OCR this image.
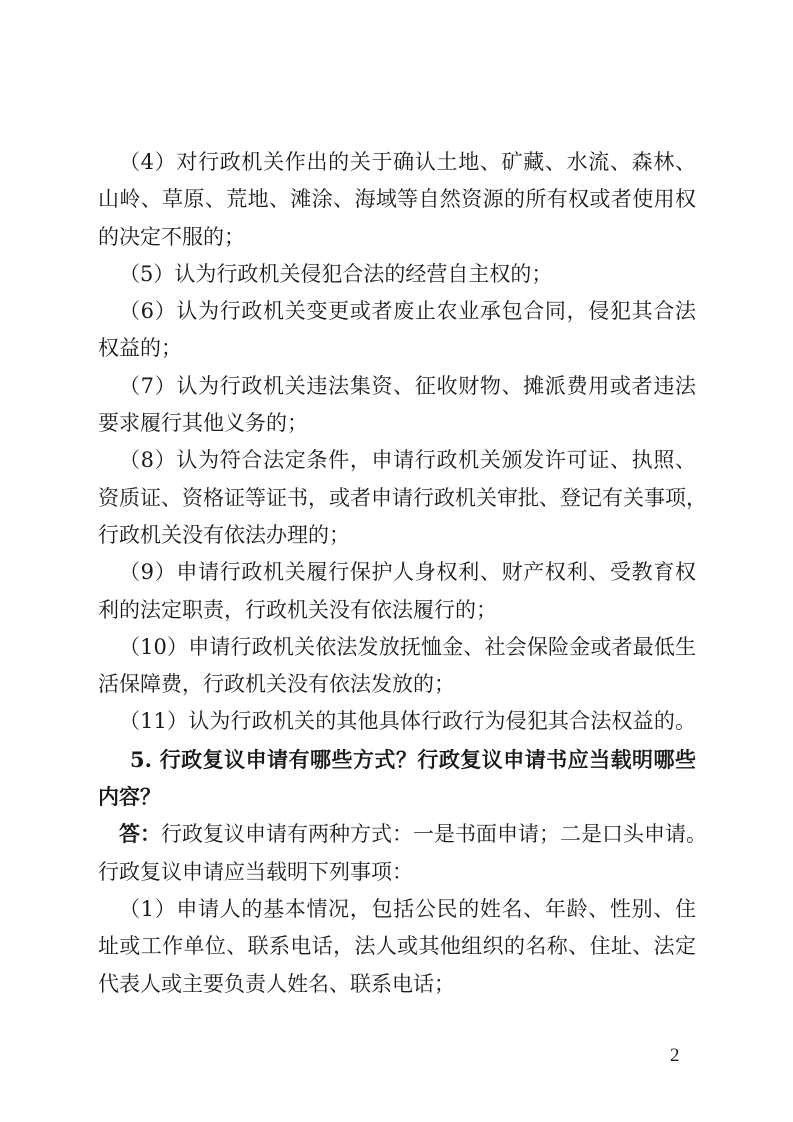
（4）对行政机关作出的关于确认土地、矿藏、水流、森林、
山岭、草原、荒地、滩涂、海域等自然资源的所有权或者使用权
的决定不服的；
（5）认为行政机关侵犯合法的经营自主权的；
（6）认为行政机关变更或者废止农业承包合同，侵犯其合法
权益的；
（7）认为行政机关违法集资、征收财物、摊派费用或者违法
要求履行其他义务的；
（8）认为符合法定条件，申请行政机关颁发许可证、执照、
资质证、资格证等证书，或者申请行政机关审批、登记有关事项，
行政机关没有依法办理的；
（9）申请行政机关履行保护人身权利、财产权利、受教育权
利的法定职责，行政机关没有依法履行的；
（10）申请行政机关依法发放抚恤金、社会保险金或者最低生
活保障费，行政机关没有依法发放的；
（11）认为行政机关的其他具体行政行为侵犯其合法权益的。
5. 行政复议申请有哪些方式？行政复议申请书应当载明哪些
内容？
答：行政复议申请有两种方式：一是书面申请；二是口头申请。
行政复议申请应当载明下列事项：
（1）申请人的基本情况，包括公民的姓名、年龄、性别、住
址或工作单位、联系电话，法人或其他组织的名称、住址、法定
代表人或主要负责人姓名、联系电话；
2
